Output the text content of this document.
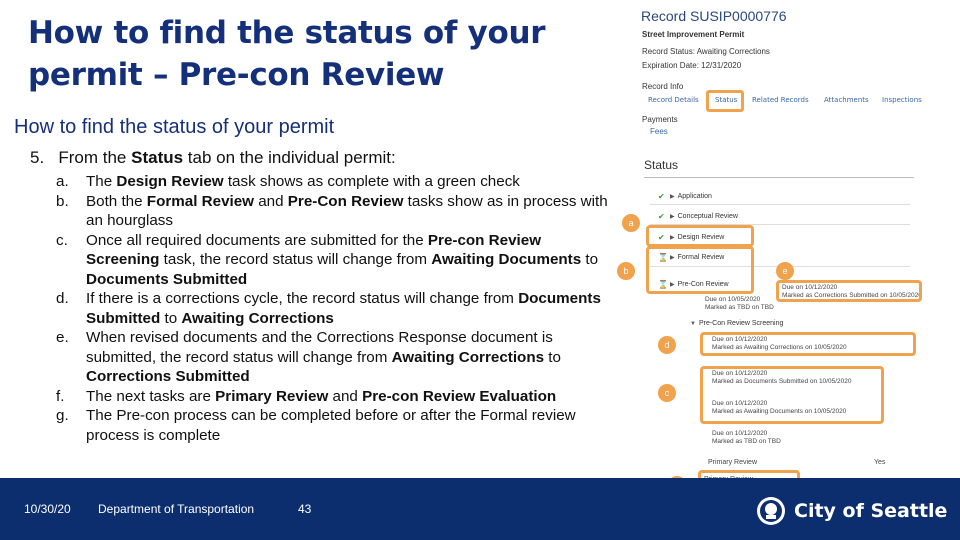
How to find the status of your
permit – Pre-con Review
How to find the status of your permit
5. From the Status tab on the individual permit:
a. The Design Review task shows as complete with a green check
b. Both the Formal Review and Pre-Con Review tasks show as in process with an hourglass
c. Once all required documents are submitted for the Pre-con Review Screening task, the record status will change from Awaiting Documents to Documents Submitted
d. If there is a corrections cycle, the record status will change from Documents Submitted to Awaiting Corrections
e. When revised documents and the Corrections Response document is submitted, the record status will change from Awaiting Corrections to Corrections Submitted
f. The next tasks are Primary Review and Pre-con Review Evaluation
g. The Pre-con process can be completed before or after the Formal review process is complete
Record SUSIP0000776
Street Improvement Permit
Record Status: Awaiting Corrections
Expiration Date: 12/31/2020
Record Info
Payments
Fees
Record Details Status Related Records Attachments Inspections
Status
✔ ▶ Application
✔ ▶ Conceptual Review
✔ ▶ Design Review
⌛ ▶ Formal Review
⌛ ▶ Pre-Con Review
Due on 10/05/2020
Marked as TBD on TBD
▼ Pre-Con Review Screening
Due on 10/12/2020
Marked as Awaiting Corrections on 10/05/2020
Due on 10/12/2020
Marked as Documents Submitted on 10/05/2020
Due on 10/12/2020
Marked as Awaiting Documents on 10/05/2020
Due on 10/12/2020
Marked as TBD on TBD
Primary Review	Yes
Due on 10/12/2020
Marked as Corrections Submitted on 10/05/2020
a
b
c
d
e
10/30/20 Department of Transportation	43	City of Seattle
